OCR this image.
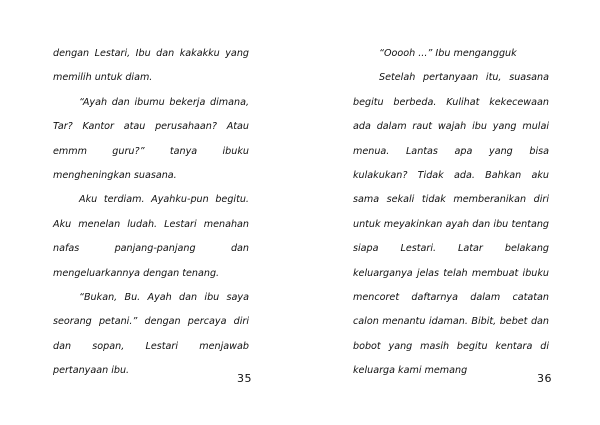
dengan Lestari, Ibu dan kakakku yang memilih untuk diam.

“Ayah dan ibumu bekerja dimana, Tar? Kantor atau perusahaan? Atau emmm guru?” tanya ibuku mengheningkan suasana.

Aku terdiam. Ayahku-pun begitu. Aku menelan ludah. Lestari menahan nafas panjang-panjang dan mengeluarkannya dengan tenang.

“Bukan, Bu. Ayah dan ibu saya seorang petani.” dengan percaya diri dan sopan, Lestari menjawab pertanyaan ibu.

35

“Ooooh ...” Ibu mengangguk

Setelah pertanyaan itu, suasana begitu berbeda. Kulihat kekecewaan ada dalam raut wajah ibu yang mulai menua. Lantas apa yang bisa kulakukan? Tidak ada. Bahkan aku sama sekali tidak memberanikan diri untuk meyakinkan ayah dan ibu tentang siapa Lestari. Latar belakang keluarganya jelas telah membuat ibuku mencoret daftarnya dalam catatan calon menantu idaman. Bibit, bebet dan bobot yang masih begitu kentara di keluarga kami memang

36
